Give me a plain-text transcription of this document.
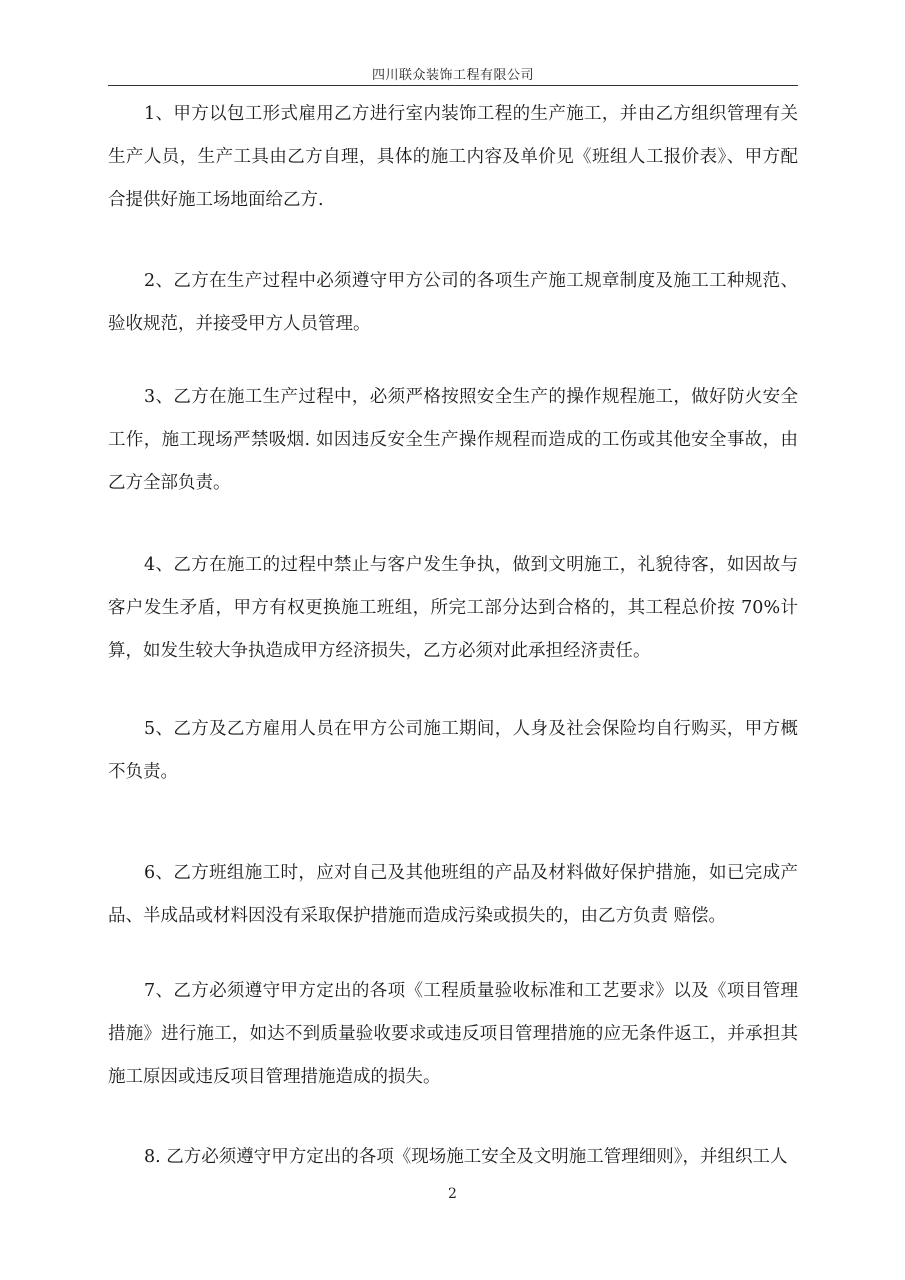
四川联众装饰工程有限公司

1、甲方以包工形式雇用乙方进行室内装饰工程的生产施工，并由乙方组织管理有关生产人员，生产工具由乙方自理，具体的施工内容及单价见《班组人工报价表》、甲方配合提供好施工场地面给乙方.

2、乙方在生产过程中必须遵守甲方公司的各项生产施工规章制度及施工工种规范、验收规范，并接受甲方人员管理。

3、乙方在施工生产过程中，必须严格按照安全生产的操作规程施工，做好防火安全工作，施工现场严禁吸烟. 如因违反安全生产操作规程而造成的工伤或其他安全事故，由乙方全部负责。

4、乙方在施工的过程中禁止与客户发生争执，做到文明施工，礼貌待客，如因故与客户发生矛盾，甲方有权更换施工班组，所完工部分达到合格的，其工程总价按 70%计算，如发生较大争执造成甲方经济损失，乙方必须对此承担经济责任。

5、乙方及乙方雇用人员在甲方公司施工期间，人身及社会保险均自行购买，甲方概不负责。

6、乙方班组施工时，应对自己及其他班组的产品及材料做好保护措施，如已完成产品、半成品或材料因没有采取保护措施而造成污染或损失的，由乙方负责 赔偿。

7、乙方必须遵守甲方定出的各项《工程质量验收标准和工艺要求》以及《项目管理措施》进行施工，如达不到质量验收要求或违反项目管理措施的应无条件返工，并承担其施工原因或违反项目管理措施造成的损失。

8. 乙方必须遵守甲方定出的各项《现场施工安全及文明施工管理细则》，并组织工人

2
